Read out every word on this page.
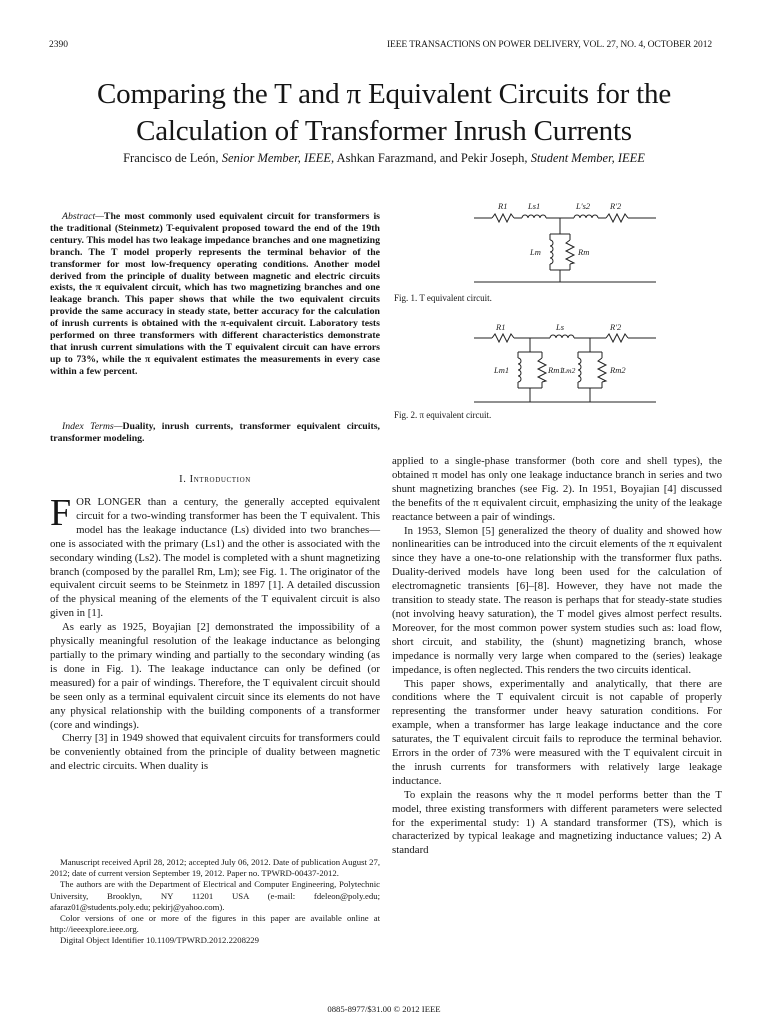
2390	IEEE TRANSACTIONS ON POWER DELIVERY, VOL. 27, NO. 4, OCTOBER 2012
Comparing the T and π Equivalent Circuits for the Calculation of Transformer Inrush Currents
Francisco de León, Senior Member, IEEE, Ashkan Farazmand, and Pekir Joseph, Student Member, IEEE

Abstract—The most commonly used equivalent circuit for transformers is the traditional (Steinmetz) T-equivalent proposed toward the end of the 19th century. This model has two leakage impedance branches and one magnetizing branch. The T model properly represents the terminal behavior of the transformer for most low-frequency operating conditions. Another model derived from the principle of duality between magnetic and electric circuits exists, the π equivalent circuit, which has two magnetizing branches and one leakage branch. This paper shows that while the two equivalent circuits provide the same accuracy in steady state, better accuracy for the calculation of inrush currents is obtained with the π-equivalent circuit. Laboratory tests performed on three transformers with different characteristics demonstrate that inrush current simulations with the T equivalent circuit can have errors up to 73%, while the π equivalent estimates the measurements in every case within a few percent.

Index Terms—Duality, inrush currents, transformer equivalent circuits, transformer modeling.
I. Introduction

FOR LONGER than a century, the generally accepted equivalent circuit for a two-winding transformer has been the T equivalent. This model has the leakage inductance (Ls) divided into two branches—one is associated with the primary (Ls1) and the other is associated with the secondary winding (Ls2). The model is completed with a shunt magnetizing branch (composed by the parallel Rm, Lm); see Fig. 1. The originator of the equivalent circuit seems to be Steinmetz in 1897 [1]. A detailed discussion of the physical meaning of the elements of the T equivalent circuit is also given in [1].

As early as 1925, Boyajian [2] demonstrated the impossibility of a physically meaningful resolution of the leakage inductance as belonging partially to the primary winding and partially to the secondary winding (as is done in Fig. 1). The leakage inductance can only be defined (or measured) for a pair of windings. Therefore, the T equivalent circuit should be seen only as a terminal equivalent circuit since its elements do not have any physical relationship with the building components of a transformer (core and windings).

Cherry [3] in 1949 showed that equivalent circuits for transformers could be conveniently obtained from the principle of duality between magnetic and electric circuits. When duality is

applied to a single-phase transformer (both core and shell types), the obtained π model has only one leakage inductance branch in series and two shunt magnetizing branches (see Fig. 2). In 1951, Boyajian [4] discussed the benefits of the π equivalent circuit, emphasizing the unity of the leakage reactance between a pair of windings.

In 1953, Slemon [5] generalized the theory of duality and showed how nonlinearities can be introduced into the circuit elements of the π equivalent since they have a one-to-one relationship with the transformer flux paths. Duality-derived models have long been used for the calculation of electromagnetic transients [6]–[8]. However, they have not made the transition to steady state. The reason is perhaps that for steady-state studies (not involving heavy saturation), the T model gives almost perfect results. Moreover, for the most common power system studies such as: load flow, short circuit, and stability, the (shunt) magnetizing branch, whose impedance is normally very large when compared to the (series) leakage impedance, is often neglected. This renders the two circuits identical.

This paper shows, experimentally and analytically, that there are conditions where the T equivalent circuit is not capable of properly representing the transformer under heavy saturation conditions. For example, when a transformer has large leakage inductance and the core saturates, the T equivalent circuit fails to reproduce the terminal behavior. Errors in the order of 73% were measured with the T equivalent circuit in the inrush currents for transformers with relatively large leakage inductance.

To explain the reasons why the π model performs better than the T model, three existing transformers with different parameters were selected for the experimental study: 1) A standard transformer (TS), which is characterized by typical leakage and magnetizing inductance values; 2) A standard

R1 Ls1	L′s2 R′2
Lm	Rm
Fig. 1. T equivalent circuit.
R1	Ls	R′2
Lm1	Rm1
Lm2	Rm2
Fig. 2. π equivalent circuit.

Manuscript received April 28, 2012; accepted July 06, 2012. Date of publication August 27, 2012; date of current version September 19, 2012. Paper no. TPWRD-00437-2012.

The authors are with the Department of Electrical and Computer Engineering, Polytechnic University, Brooklyn, NY 11201 USA (e-mail: fdeleon@poly.edu; afaraz01@students.poly.edu; pekirj@yahoo.com).

Color versions of one or more of the figures in this paper are available online at http://ieeexplore.ieee.org.

Digital Object Identifier 10.1109/TPWRD.2012.2208229

0885-8977/$31.00 © 2012 IEEE
